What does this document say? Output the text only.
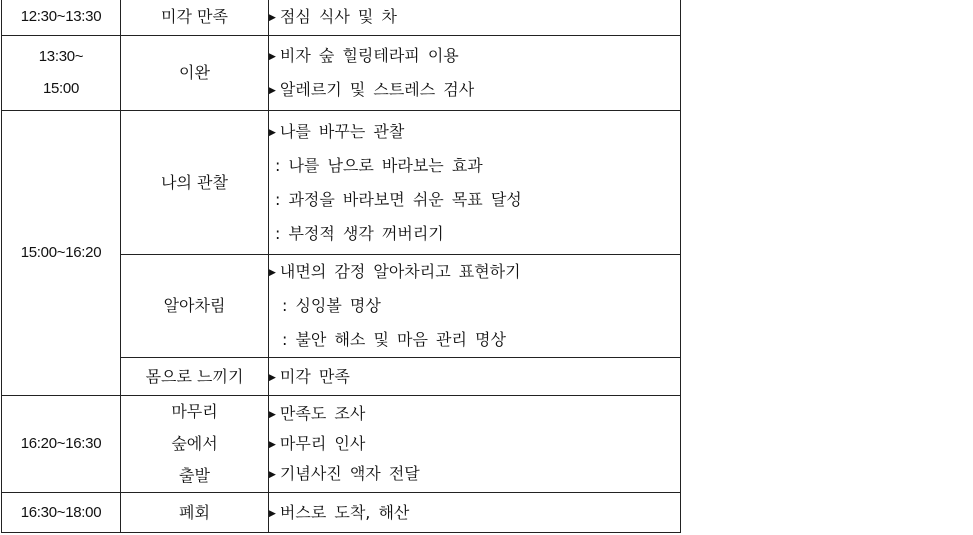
12:30~13:30	미각 만족	▶ 점심 식사 및 차

13:30~
15:00	이완	▶ 비자 숲 힐링테라피 이용
▶ 알레르기 및 스트레스 검사

15:00~16:20	나의 관찰	▶ 나를 바꾸는 관찰
: 나를 남으로 바라보는 효과
: 과정을 바라보면 쉬운 목표 달성
: 부정적 생각 꺼버리기

	알아차림	▶ 내면의 감정 알아차리고 표현하기
: 싱잉볼 명상
: 불안 해소 및 마음 관리 명상

	몸으로 느끼기	▶ 미각 만족

16:20~16:30	마무리
숲에서
출발	▶ 만족도 조사
▶ 마무리 인사
▶ 기념사진 액자 전달

16:30~18:00	폐회	▶ 버스로 도착, 해산
